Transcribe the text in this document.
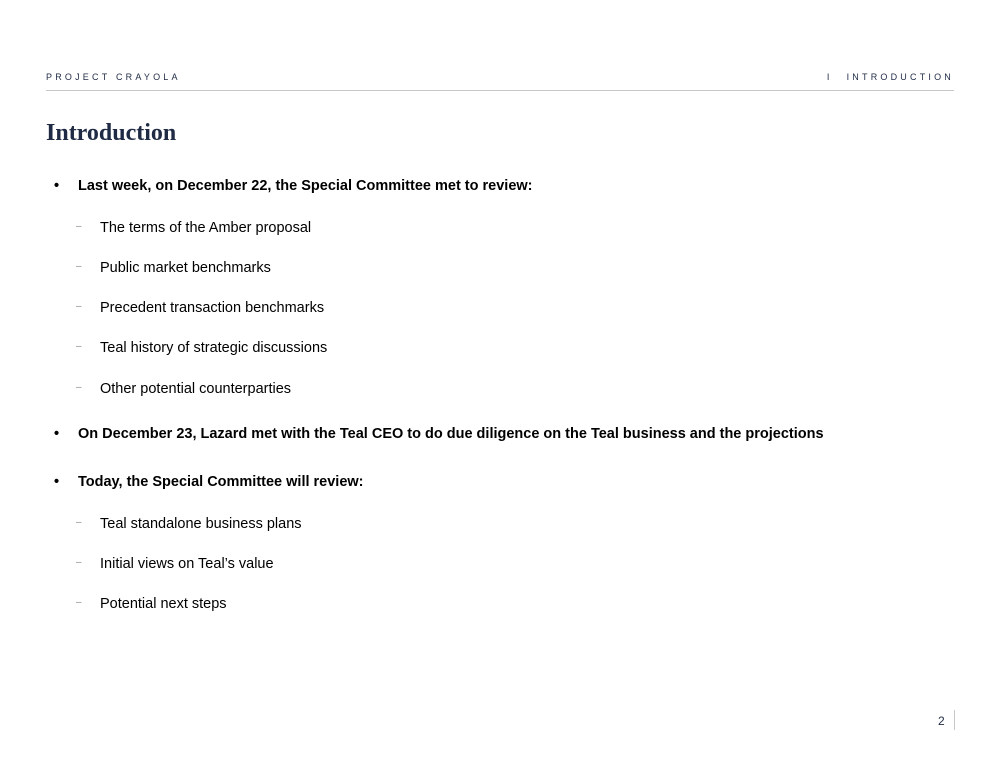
PROJECT CRAYOLA	I INTRODUCTION
Introduction
• Last week, on December 22, the Special Committee met to review:
– The terms of the Amber proposal
– Public market benchmarks
– Precedent transaction benchmarks
– Teal history of strategic discussions
– Other potential counterparties
• On December 23, Lazard met with the Teal CEO to do due diligence on the Teal business and the projections
• Today, the Special Committee will review:
– Teal standalone business plans
– Initial views on Teal’s value
– Potential next steps
2
